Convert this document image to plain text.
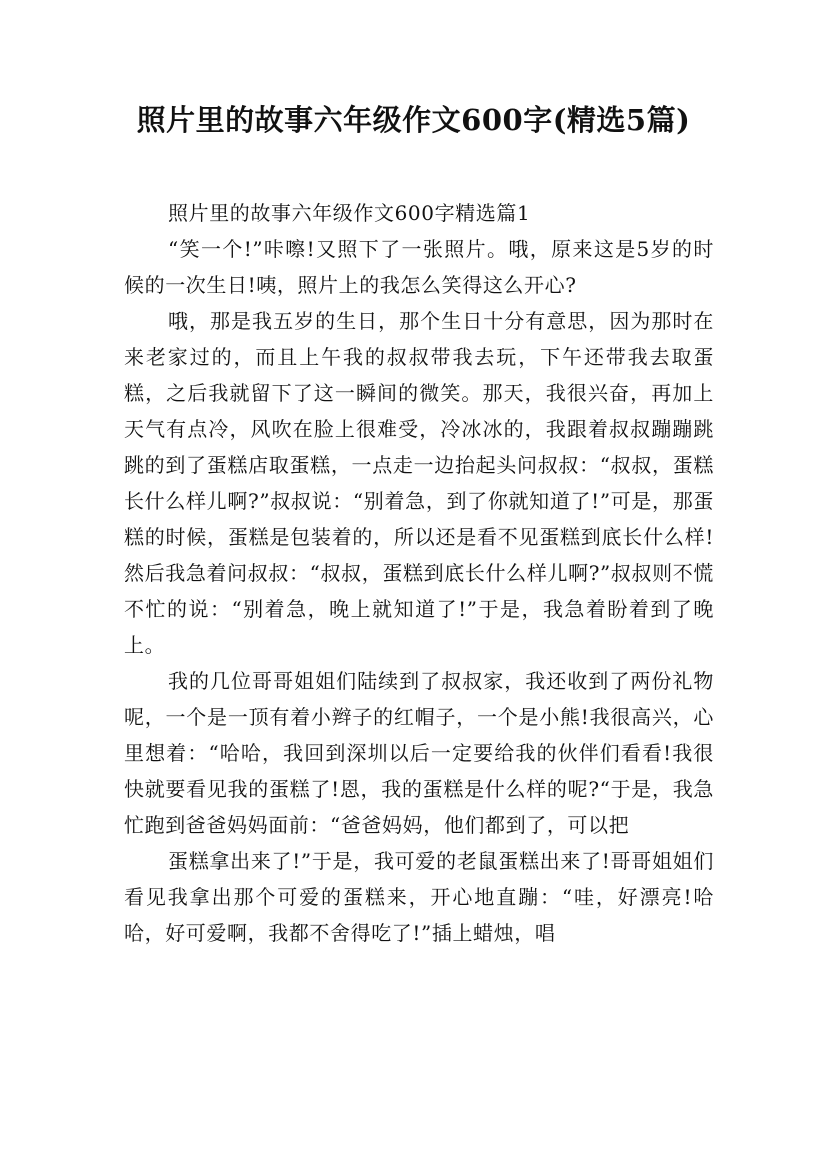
照片里的故事六年级作文600字(精选5篇)

照片里的故事六年级作文600字精选篇1

“笑一个!”咔嚓!又照下了一张照片。哦，原来这是5岁的时候的一次生日!咦，照片上的我怎么笑得这么开心?

哦，那是我五岁的生日，那个生日十分有意思，因为那时在来老家过的，而且上午我的叔叔带我去玩，下午还带我去取蛋糕，之后我就留下了这一瞬间的微笑。那天，我很兴奋，再加上天气有点冷，风吹在脸上很难受，冷冰冰的，我跟着叔叔蹦蹦跳跳的到了蛋糕店取蛋糕，一点走一边抬起头问叔叔：“叔叔，蛋糕长什么样儿啊?”叔叔说：“别着急，到了你就知道了!”可是，那蛋糕的时候，蛋糕是包装着的，所以还是看不见蛋糕到底长什么样!然后我急着问叔叔：“叔叔，蛋糕到底长什么样儿啊?”叔叔则不慌不忙的说：“别着急，晚上就知道了!”于是，我急着盼着到了晚上。

我的几位哥哥姐姐们陆续到了叔叔家，我还收到了两份礼物呢，一个是一顶有着小辫子的红帽子，一个是小熊!我很高兴，心里想着：“哈哈，我回到深圳以后一定要给我的伙伴们看看!我很快就要看见我的蛋糕了!恩，我的蛋糕是什么样的呢?“于是，我急忙跑到爸爸妈妈面前：“爸爸妈妈，他们都到了，可以把

蛋糕拿出来了!”于是，我可爱的老鼠蛋糕出来了!哥哥姐姐们看见我拿出那个可爱的蛋糕来，开心地直蹦：“哇，好漂亮!哈哈，好可爱啊，我都不舍得吃了!”插上蜡烛，唱
